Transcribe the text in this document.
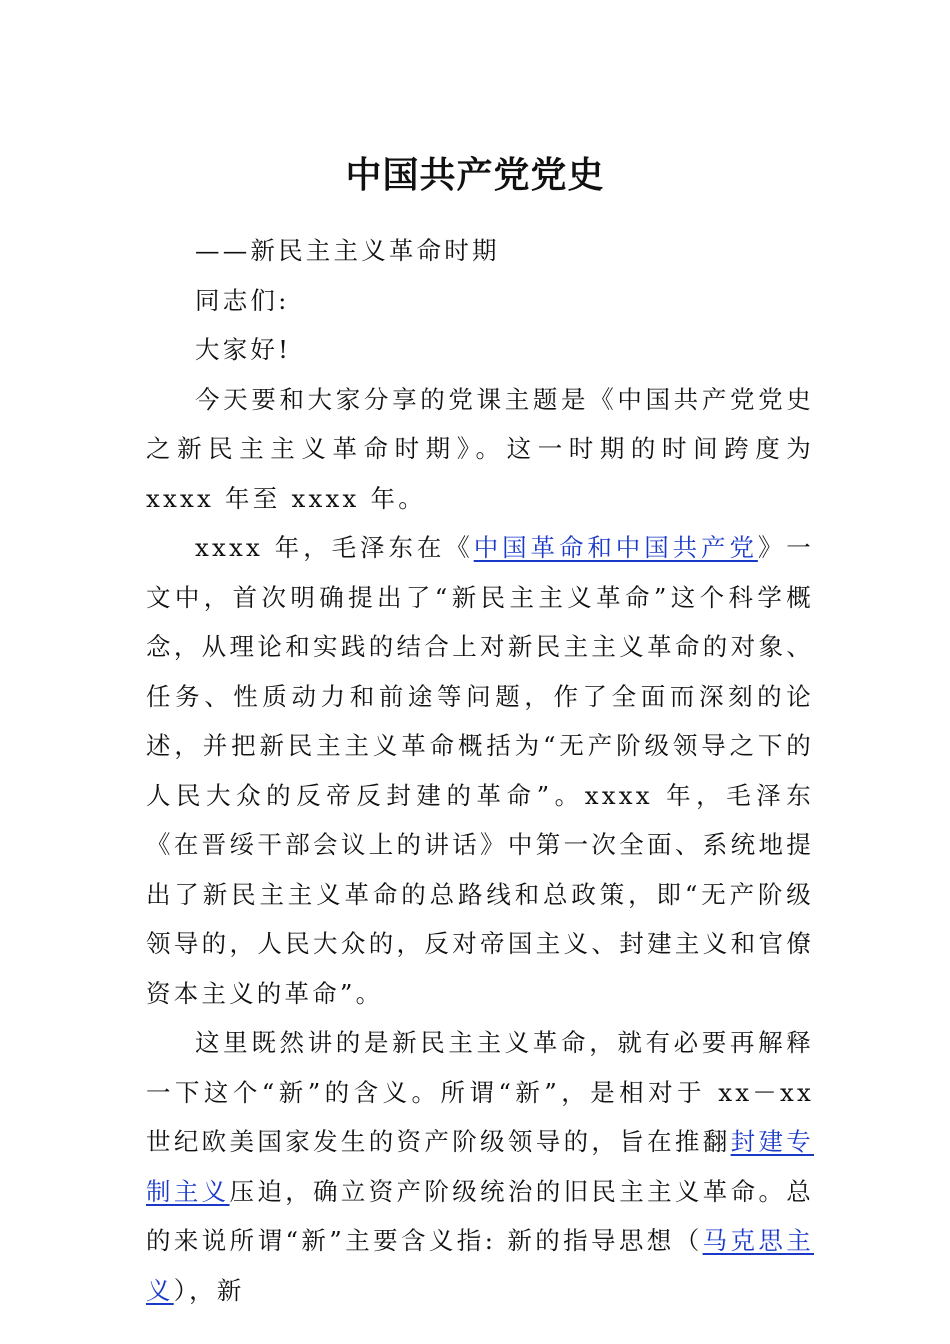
中国共产党党史

——新民主主义革命时期

同志们:

大家好!

今天要和大家分享的党课主题是《中国共产党党史之新民主主义革命时期》。这一时期的时间跨度为 xxxx 年至 xxxx 年。

xxxx 年，毛泽东在《中国革命和中国共产党》一文中，首次明确提出了“新民主主义革命”这个科学概念，从理论和实践的结合上对新民主主义革命的对象、任务、性质动力和前途等问题，作了全面而深刻的论述，并把新民主主义革命概括为“无产阶级领导之下的人民大众的反帝反封建的革命”。xxxx 年，毛泽东《在晋绥干部会议上的讲话》中第一次全面、系统地提出了新民主主义革命的总路线和总政策，即“无产阶级领导的，人民大众的，反对帝国主义、封建主义和官僚资本主义的革命”。

这里既然讲的是新民主主义革命，就有必要再解释一下这个“新”的含义。所谓“新”，是相对于 xx－xx 世纪欧美国家发生的资产阶级领导的，旨在推翻封建专制主义压迫，确立资产阶级统治的旧民主主义革命。总的来说所谓“新”主要含义指: 新的指导思想（马克思主义），新
